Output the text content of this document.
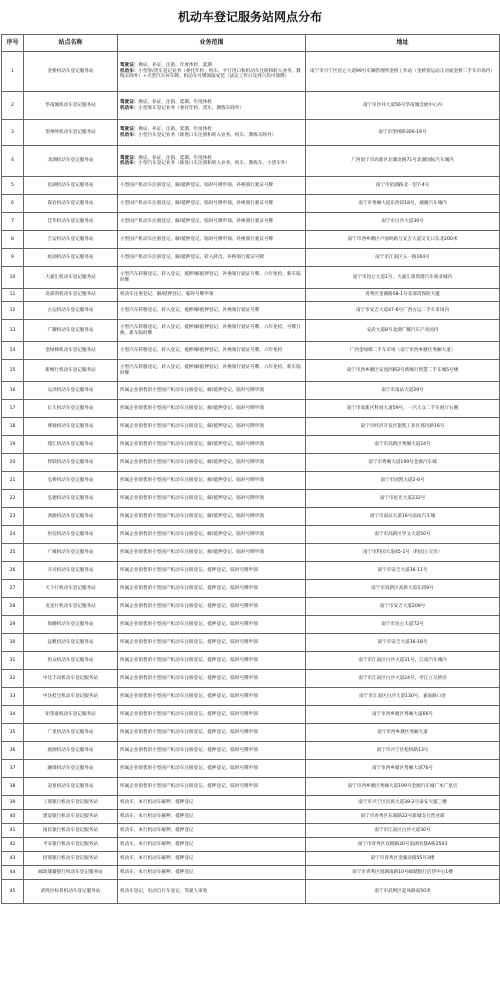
机动车登记服务站网点分布
序号	站点名称	业务范围	地址
1	金桥机动车登记服务站	驾驶证：换证、补证、注销、年度体检、延期
机动车：小型客/货车登记业务（委托年检、校车、平行进口和机动车注册和转入业务、教练车除外）+大型汽车补车牌、机动车号牌领取安装（法定工作日及周六均可领牌）	南宁市兴宁区昆仑大道99号车辆管理所金桥工作站（金桥客运站正对面金桥二手车市场内）
2	华南城机动车登记服务站	驾驶证：换证、补证、注销、延期、年度体检
机动车：小型客车登记业务（委托年检、货车、教练车除外）	南宁市沙井大道56号华南城会展中心内
3	望州岭机动车登记服务站	驾驶证：换证、补证、注销、延期、年度体检
机动车：小型汽车登记业务（除进口车注册和转入业务、校车、教练车除外）	南宁市望州路306-16号
4	北湖机动车登记服务站	驾驶证：换证、补证、注销、延期、年度体检
机动车：小型汽车登记业务（除进口车注册和转入业务、校车、教练车、小货车外）	广西南宁市高新区北湖北路71号北湖国际汽车城内
5	星湖机动车登记服务站	小型国产机动车注册登记、解/抵押登记、临时号牌申领、补换领行驶证号牌	南宁市星湖路北一里7-4号
6	嵩岩机动车登记服务站	小型国产机动车注册登记、解/抵押登记、临时号牌申领、补换领行驶证号牌	南宁市秀厢大道东西段18号，城湖汽车城内
7	佳华机动车登记服务站	小型国产机动车注册登记、解/抵押登记、临时号牌申领、补换领行驶证号牌	南宁市白沙大道30号
8	吉安机动车登记服务站	小型国产机动车注册登记、解/抵押登记、临时号牌申领、补换领行驶证号牌	南宁市西乡塘区卢仙岭路与安吉大道交叉口东北200米
9	蛀涌机动车登记服务站	小型国产机动车注册登记、解/抵押登记、转入转出、补换领行驶证号牌	南宁市江南区五一路164号
10	大嘉汇机动车登记服务站	小型汽车转移登记、转入登记、抵押/解抵押登记、补换领行驶证号牌、六年免检、新车临时牌	南宁市昆仑大道1号，大嘉汇商贸港汽车商业城内
11	北部湾机动车登记服务站	机动车注册登记、解/抵押登记、临时号牌申领	青秀区金湖路58-1号北部湾保险大厦
12	古运机动车登记服务站	小型汽车转移登记、转入登记、抵押/解抵押登记、补换领行驶证号牌	南宁市安吉大道47-6号广西古运二手车市场内
13	广耀机动车登记服务站	小型汽车转移登记、转入登记、抵押/解抵押登记、补换领行驶证号牌、六年免检、号牌互换、新车临时牌	安武大道8号北湖广耀汽车产业园内
14	金绿梯机动车登记服务站	小型汽车转移登记、转入登记、抵押/解抵押登记、补换领行驶证号牌、六年免检	广西金绿梯二手车市场（南宁市西乡塘区秀厢大道）
15	新畅行机动车登记服务站	小型汽车转移登记、转入登记、抵押/解抵押登记、补换领行驶证号牌、六年免检、新车临时牌	南宁市西乡塘区安园西路2号新畅行智慧二手车城5号楼
16	运泽机动车登记服务站	所属企业销售的小型国产机动车注册登记、解/抵押登记、临时号牌申领	南宁市南站大道29号
17	长久机动车登记服务站	所属企业销售的小型国产机动车注册登记、解/抵押登记、临时号牌申领	南宁市高新区科园大道59号，一汽大众二手车展厅右侧
18	博通机动车登记服务站	所属企业销售的小型国产机动车注册登记、解/抵押登记、临时号牌申领	南宁市经济开发区银凯工业区那历路16号
19	建汇机动车登记服务站	所属企业销售的小型国产机动车注册登记、解/抵押登记、临时号牌申领	南宁市高新区秀厢大道24号
20	智联机动车登记服务站	所属企业销售的小型国产机动车注册登记、解/抵押登记、临时号牌申领	南宁市秀厢大道199号金源汽车城
21	弘桥机动车登记服务站	所属企业销售的小型国产机动车注册登记、解/抵押登记、临时号牌申领	南宁市国凯大道2-6号
22	弘德机动车登记服务站	所属企业销售的小型国产机动车注册登记、解/抵押登记、临时号牌申领	南宁市星光大道232号
23	鸿骏机动车登记服务站	所属企业销售的小型国产机动车注册登记、解/抵押登记、临时号牌申领	南宁市南站大道16号南站汽车城
24	恒信机动车登记服务站	所属企业销售的小型国产机动车注册登记、解/抵押登记、临时号牌申领	南宁市高新区罗文大道50号
25	广缘机动车登记服务站	所属企业销售的小型国产机动车注册登记、解/抵押登记、临时号牌申领	南宁市科园大道45-1号（科园立交旁）
26	开司机动车登记服务站	所属企业销售的小型国产机动车注册登记、抵押登记、临时号牌申领	南宁市安吉大道36-11号
27	天下行机动车登记服务站	所属企业销售的小型国产机动车注册登记、抵押登记、临时号牌申领	南宁市高新区高新大道东段9号
28	龙星行机动车登记服务站	所属企业销售的小型国产机动车注册登记、抵押登记、临时号牌申领	南宁市安吉大道209号
29	海腾机动车登记服务站	所属企业销售的小型国产机动车注册登记、抵押登记、临时号牌申领	南宁市昆仑大道72号
30	远帆机动车登记服务站	所属企业销售的小型国产机动车注册登记、抵押登记、临时号牌申领	南宁市安吉大道36-18号
31	恒众机动车登记服务站	所属企业销售的小型国产机动车注册登记、抵押登记、临时号牌申领	南宁市江南区白沙大道31号，江南汽车城内
32	中达丰田机动车登记服务站	所属企业销售的小型国产机动车注册登记、抵押登记、临时号牌申领	南宁市江南区白沙大道24号，亭江立交桥旁
33	中达桂宝机动车登记服务站	所属企业销售的小型国产机动车注册登记、抵押登记、临时号牌申领	南宁市江南区白沙大道130号，嘉南路口处
34	钜荣嘉机动车登记服务站	所属企业销售的小型国产机动车注册登记、抵押登记、临时号牌申领	南宁市西乡塘区秀厢大道66号
35	广星机动车登记服务站	所属企业销售的小型国产机动车注册登记、抵押登记、临时号牌申领	南宁市西乡塘区秀厢大道
36	骏源机动车登记服务站	所属企业销售的小型国产机动车注册登记、抵押登记、临时号牌申领	南宁市兴宁区松柏路13号
37	融锋机动车登记服务站	所属企业销售的小型国产机动车注册登记、抵押登记、临时号牌申领	南宁市西乡塘区秀厢大道76号
38	冠星机动车登记服务站	所属企业销售的小型国产机动车注册登记、抵押登记、临时号牌申领	南宁市西乡塘区秀厢大道199号金源汽车城广本广星店
39	工商银行机动车登记服务站	机动车，本行机动车解押、抵押登记	南宁市兴宁区民族大道38-2号泰安大厦三楼
40	建设银行机动车登记服务站	机动车，本行机动车解押、抵押登记	南宁市青秀区东葛路22号新城支行营业部
41	国民银行机动车登记服务站	机动车，本行机动车解押、抵押登记	南宁市江南区白沙大道30号
42	平安银行机动车登记服务站	机动车，本行机动车解押、抵押登记	南宁市青秀区双拥路30号南湖名都A栋2503
43	招商银行机动车登记服务站	机动车，本行机动车解押、抵押登记	南宁市青秀区金湖北路55号3楼
44	邮政储蓄银行机动车登记服务站	机动车，本行机动车解押、抵押登记	南宁市青秀区园湖南路10号邮储银行信贷中心1楼
45	武鸣区标普机动车登记服务站	机动车登记，电动自行车登记，驾驶人审验	南宁市武鸣区起凤路南50米
